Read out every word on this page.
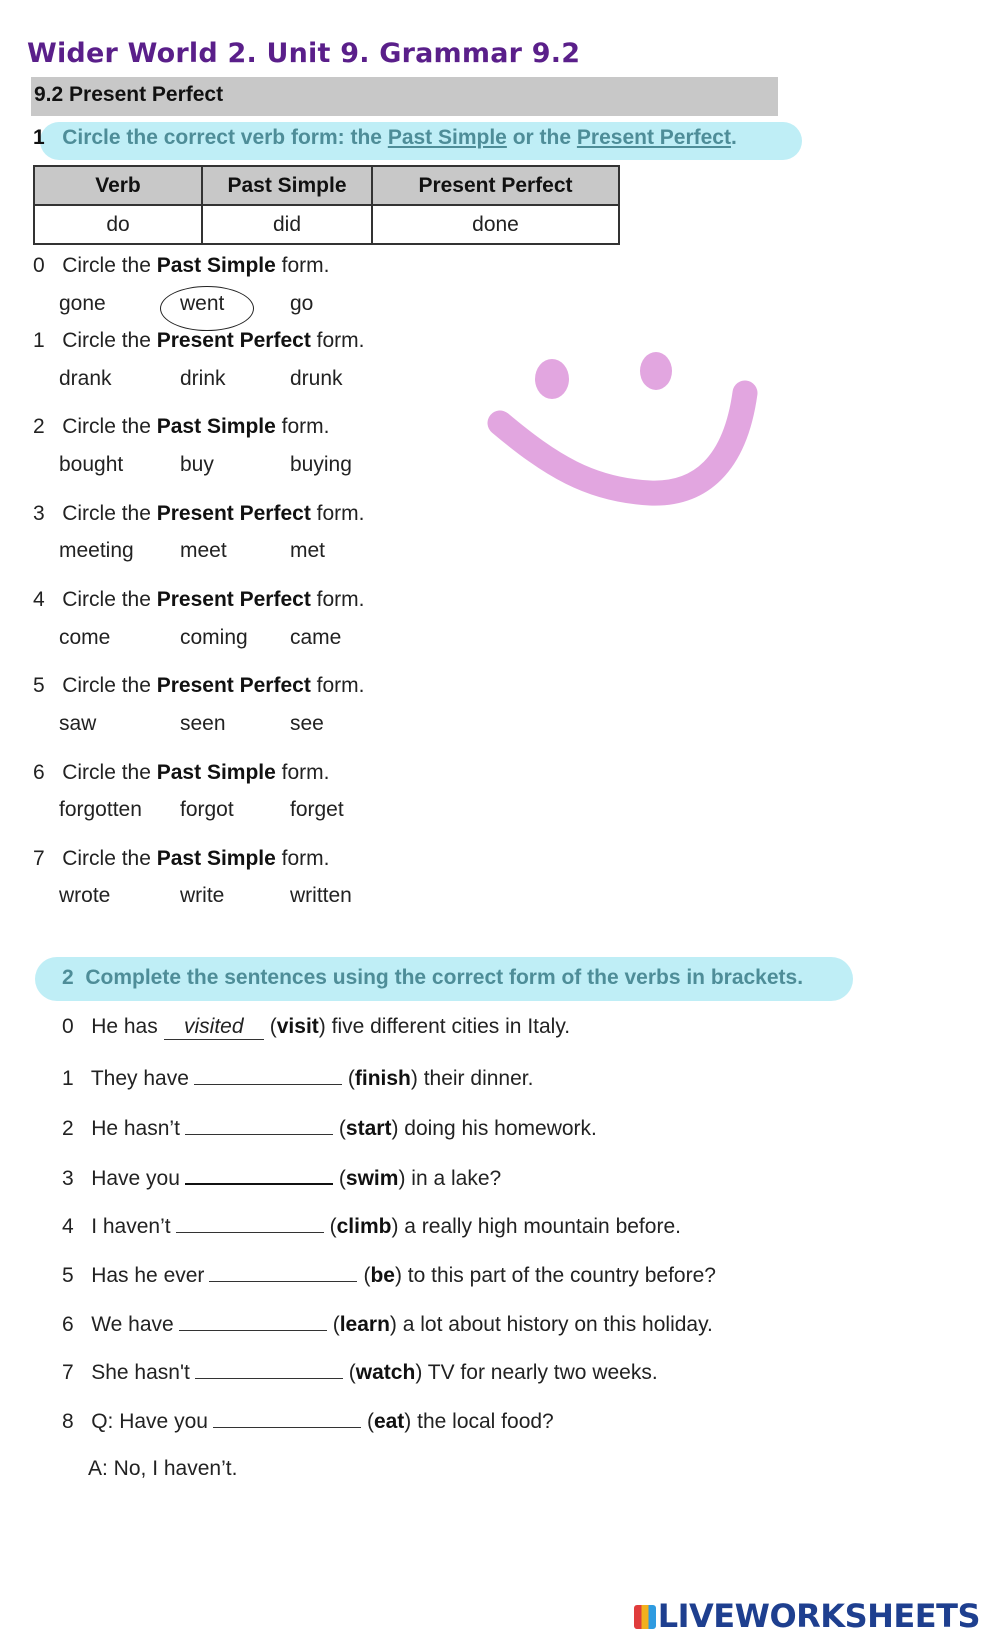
Wider World 2. Unit 9. Grammar 9.2
9.2 Present Perfect
1 Circle the correct verb form: the Past Simple or the Present Perfect.
Verb	Past Simple	Present Perfect
do	did	done
0 Circle the Past Simple form.
gone	went	go
1 Circle the Present Perfect form.
drank	drink	drunk
2 Circle the Past Simple form.
bought	buy	buying
3 Circle the Present Perfect form.
meeting meet	met
4 Circle the Present Perfect form.
come	coming came
5 Circle the Present Perfect form.
saw	seen	see
6 Circle the Past Simple form.
forgotten forgot	forget
7 Circle the Past Simple form.
wrote	write	written
2 Complete the sentences using the correct form of the verbs in brackets.
0 He has visited (visit) five different cities in Italy.
1 They have	(finish) their dinner.
2 He hasn’t	(start) doing his homework.
3 Have you	(swim) in a lake?
4 I haven’t	(climb) a really high mountain before.
5 Has he ever	(be) to this part of the country before?
6 We have	(learn) a lot about history on this holiday.
7 She hasn't	(watch) TV for nearly two weeks.
8 Q: Have you	(eat) the local food?
A: No, I haven’t.
LIVEWORKSHEETS
